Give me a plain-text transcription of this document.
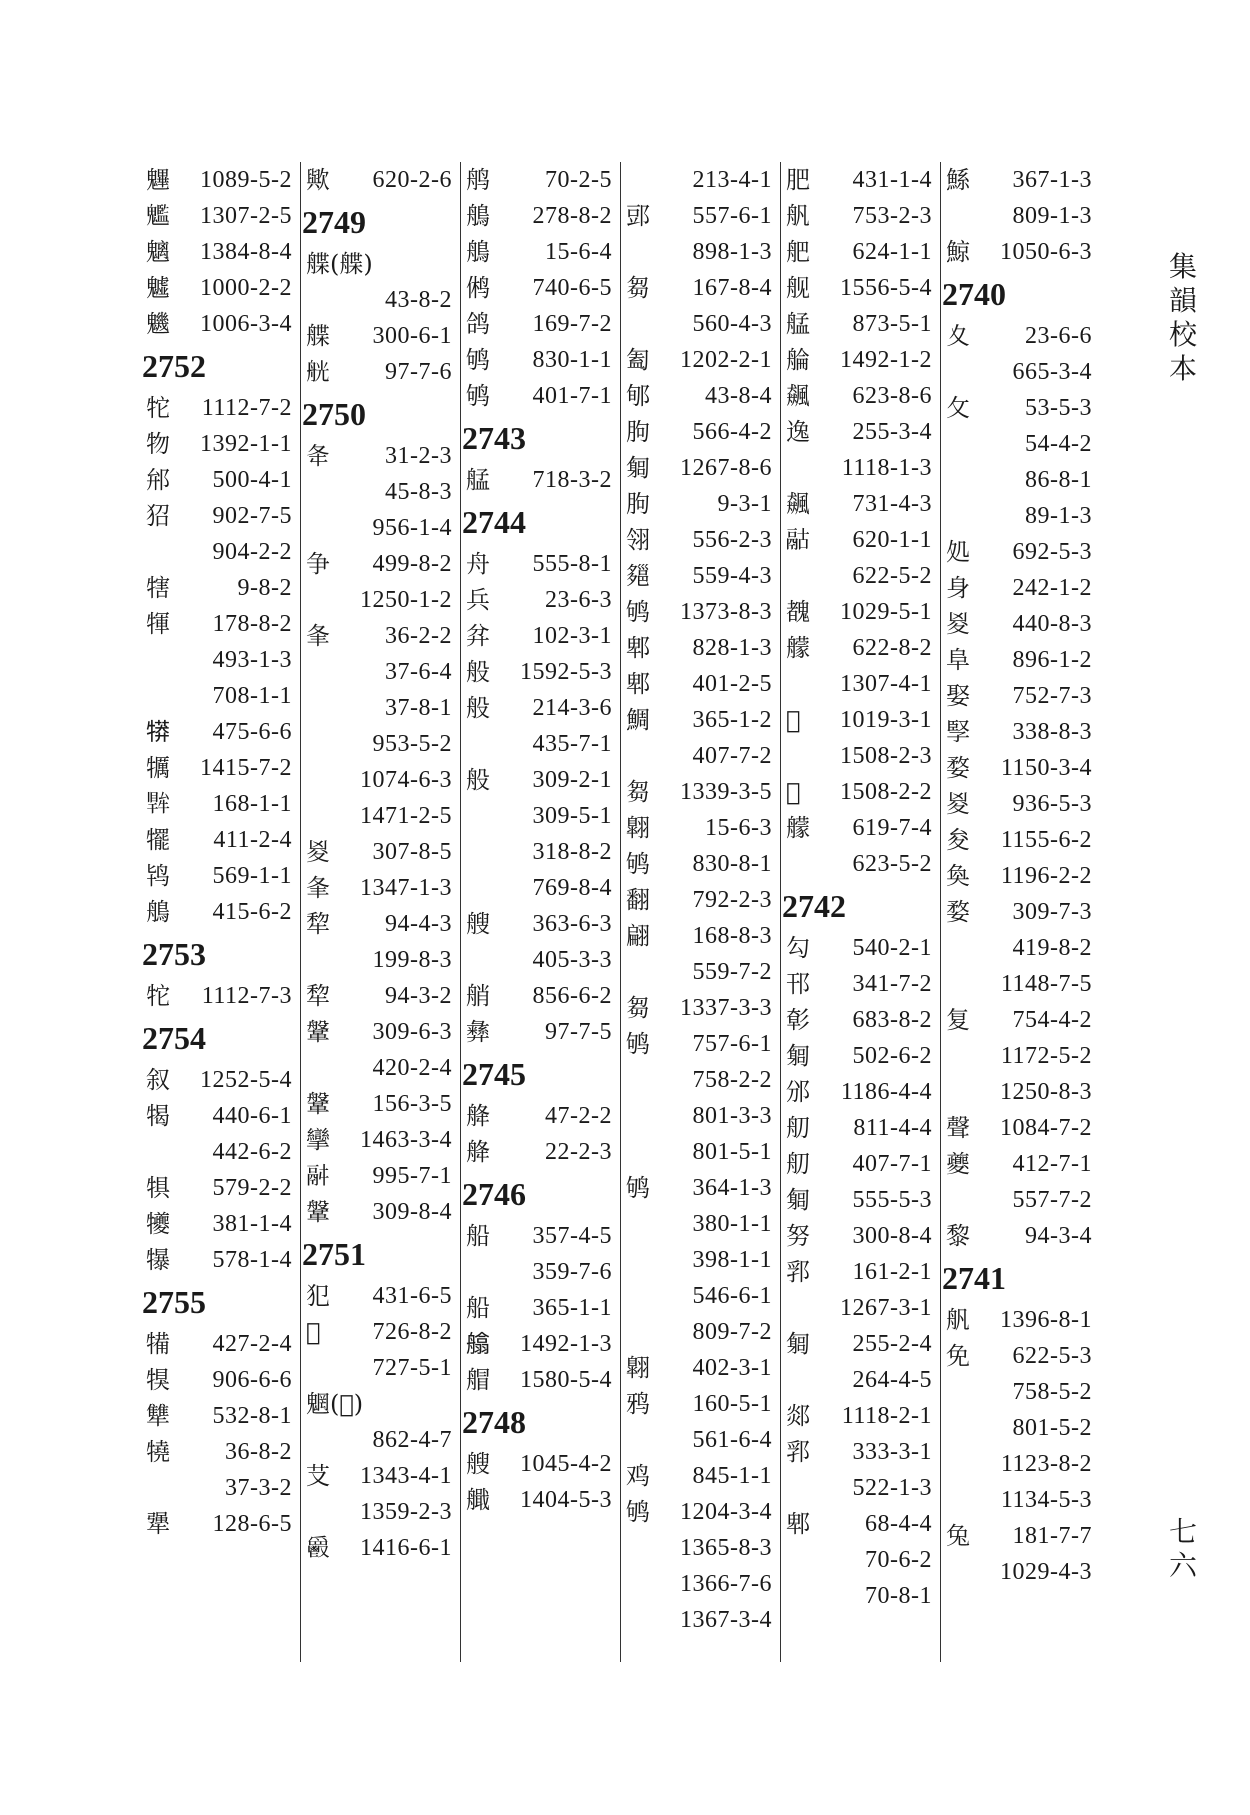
魓	1089-5-2
𩴵	1307-2-5
魑	1384-8-4
魖	1000-2-2
魕	1006-3-4
2752
㸰	1112-7-2
物	1392-1-1
𨚕	500-4-1
㹦	902-7-5
904-2-2
犗	9-8-2
㹆	178-8-2
493-1-3
708-1-1
𤛘	475-6-6
犡	1415-7-2
𤛙	168-1-1
犤	411-2-4
鸨	569-1-1
鵃	415-6-2
2753
㸰	1112-7-3
2754
叙	1252-5-4
㹇	440-6-1
442-6-2
犋	579-2-2
犪	381-1-4
犦	578-1-4
2755
犕	427-2-4
犑	906-6-6
犨	532-8-1
㹓	36-8-2
37-3-2
犟	128-6-5
歟	620-2-6
2749
艓(艓)
43-8-2
艓	300-6-1
𦨻	97-7-6
2750
夅	31-2-3
45-8-3
956-1-4
争	499-8-2
1250-1-2
夆	36-2-2
37-6-4
37-8-1
953-5-2
1074-6-3
1471-2-5
㚇	307-8-5
夆	1347-1-3
犂	94-4-3
199-8-3
犂	94-3-2
鞶	309-6-3
420-2-4
鞶	156-3-5
攣	1463-3-4
𩰫	995-7-1
鞶	309-8-4
2751
犯	431-6-5
𩲅	726-8-2
727-5-1
魍(𩴁)
862-4-7
𦫿	1343-4-1
1359-2-3
𩰥	1416-6-1
鸼	70-2-5
鵃	278-8-2
鵃	15-6-4
鸺	740-6-5
鸽	169-7-2
鸲	830-1-1
鸲	401-7-1
2743
艋	718-3-2
2744
舟	555-8-1
兵	23-6-3
弅	102-3-1
般	1592-5-3
般	214-3-6
435-7-1
般	309-2-1
309-5-1
318-8-2
769-8-4
艘	363-6-3
405-3-3
艄	856-6-2
彝	97-7-5
2745
舽	47-2-2
舽	22-2-3
2746
船	357-4-5
359-7-6
船	365-1-1
𦪙	1492-1-3
艒	1580-5-4
2748
艘	1045-4-2
艥	1404-5-3
213-4-1
郖	557-6-1
898-1-3
芻	167-8-4
560-4-3
㔩	1202-2-1
郇	43-8-4
朐	566-4-2
匔	1267-8-6
朐	9-3-1
翎	556-2-3
郺	559-4-3
鸲	1373-8-3
郫	828-1-3
郫	401-2-5
鯛	365-1-2
407-7-2
芻	1339-3-5
翺	15-6-3
鸲	830-8-1
翻	792-2-3
翩	168-8-3
559-7-2
芻	1337-3-3
鸲	757-6-1
758-2-2
801-3-3
801-5-1
鸲	364-1-3
380-1-1
398-1-1
546-6-1
809-7-2
翺	402-3-1
鸦	160-5-1
561-6-4
鸡	845-1-1
鸲	1204-3-4
1365-8-3
1366-7-6
1367-3-4
肥	431-1-4
舤	753-2-3
舥	624-1-1
舰	1556-5-4
艋	873-5-1
䑳	1492-1-2
飆	623-8-6
逸	255-3-4
1118-1-3
飆	731-4-3
𩰯	620-1-1
622-5-2
䰩	1029-5-1
艨	622-8-2
1307-4-1
𣵰	1019-3-1
1508-2-3
𣵰	1508-2-2
艨	619-7-4
623-5-2
2742
勾	540-2-1
邗	341-7-2
㣏	683-8-2
匔	502-6-2
邠	1186-4-4
舠	811-4-4
舠	407-7-1
匔	555-5-3
努	300-8-4
郛	161-2-1
1267-3-1
匔	255-2-4
264-4-5
郯	1118-2-1
郛	333-3-1
522-1-3
郫	68-4-4
70-6-2
70-8-1
鯀	367-1-3
809-1-3
鯨	1050-6-3
2740
夊	23-6-6
665-3-4
攵	53-5-3
54-4-2
86-8-1
89-1-3
処	692-5-3
身	242-1-2
㚇	440-8-3
阜	896-1-2
娶	752-7-3
孯	338-8-3
婺	1150-3-4
㚇	936-5-3
夋	1155-6-2
奐	1196-2-2
婺	309-7-3
419-8-2
1148-7-5
复	754-4-2
1172-5-2
1250-8-3
聲	1084-7-2
夔	412-7-1
557-7-2
黎	94-3-4
2741
舤	1396-8-1
免	622-5-3
758-5-2
801-5-2
1123-8-2
1134-5-3
兔	181-7-7
1029-4-3
集韻校本
七六
